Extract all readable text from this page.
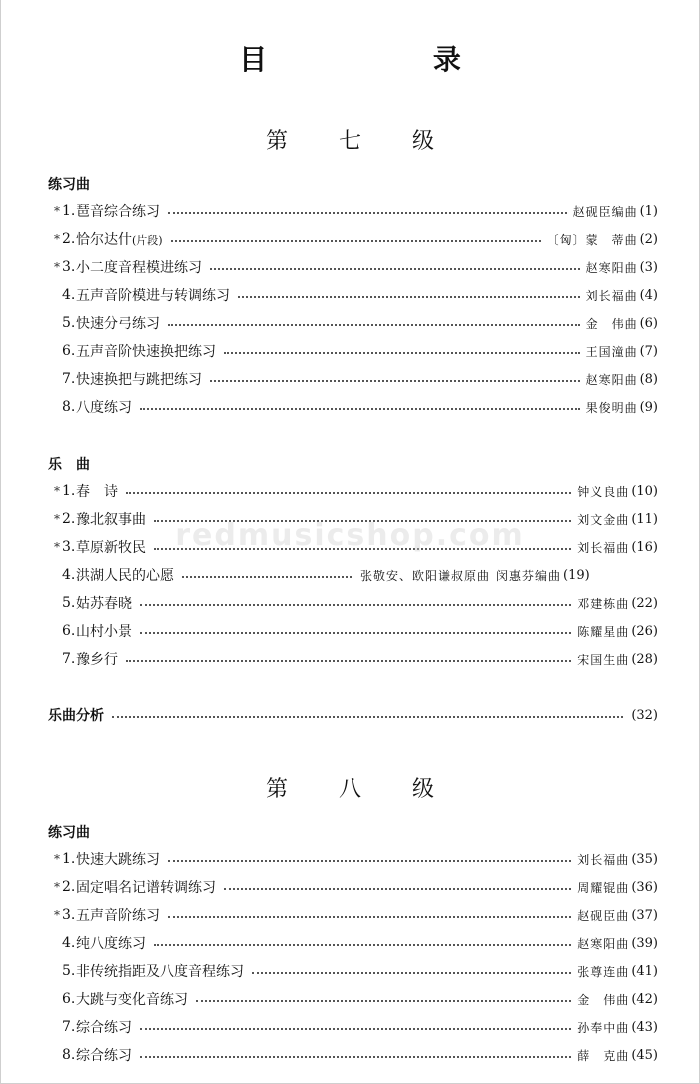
目 录
第 七 级
练习曲
* 1. 琶音综合练习	赵砚臣编曲 (1)
* 2. 恰尔达什(片段)	〔匈〕蒙　蒂曲 (2)
* 3. 小二度音程模进练习	赵寒阳曲 (3)
4. 五声音阶模进与转调练习	刘长福曲 (4)
5. 快速分弓练习	金　伟曲 (6)
6. 五声音阶快速换把练习	王国潼曲 (7)
7. 快速换把与跳把练习	赵寒阳曲 (8)
8. 八度练习	果俊明曲 (9)
乐　曲
* 1. 春　诗	钟义良曲 (10)
* 2. 豫北叙事曲	刘文金曲 (11)
* 3. 草原新牧民	刘长福曲 (16)
4. 洪湖人民的心愿	张敬安、欧阳谦叔原曲 闵惠芬编曲 (19)
5. 姑苏春晓	邓建栋曲 (22)
6. 山村小景	陈耀星曲 (26)
7. 豫乡行	宋国生曲 (28)
乐曲分析	(32)
第 八 级
练习曲
* 1. 快速大跳练习	刘长福曲 (35)
* 2. 固定唱名记谱转调练习	周耀锟曲 (36)
* 3. 五声音阶练习	赵砚臣曲 (37)
4. 纯八度练习	赵寒阳曲 (39)
5. 非传统指距及八度音程练习	张尊连曲 (41)
6. 大跳与变化音练习	金　伟曲 (42)
7. 综合练习	孙奉中曲 (43)
8. 综合练习	薛　克曲 (45)
redmusicshop.com
